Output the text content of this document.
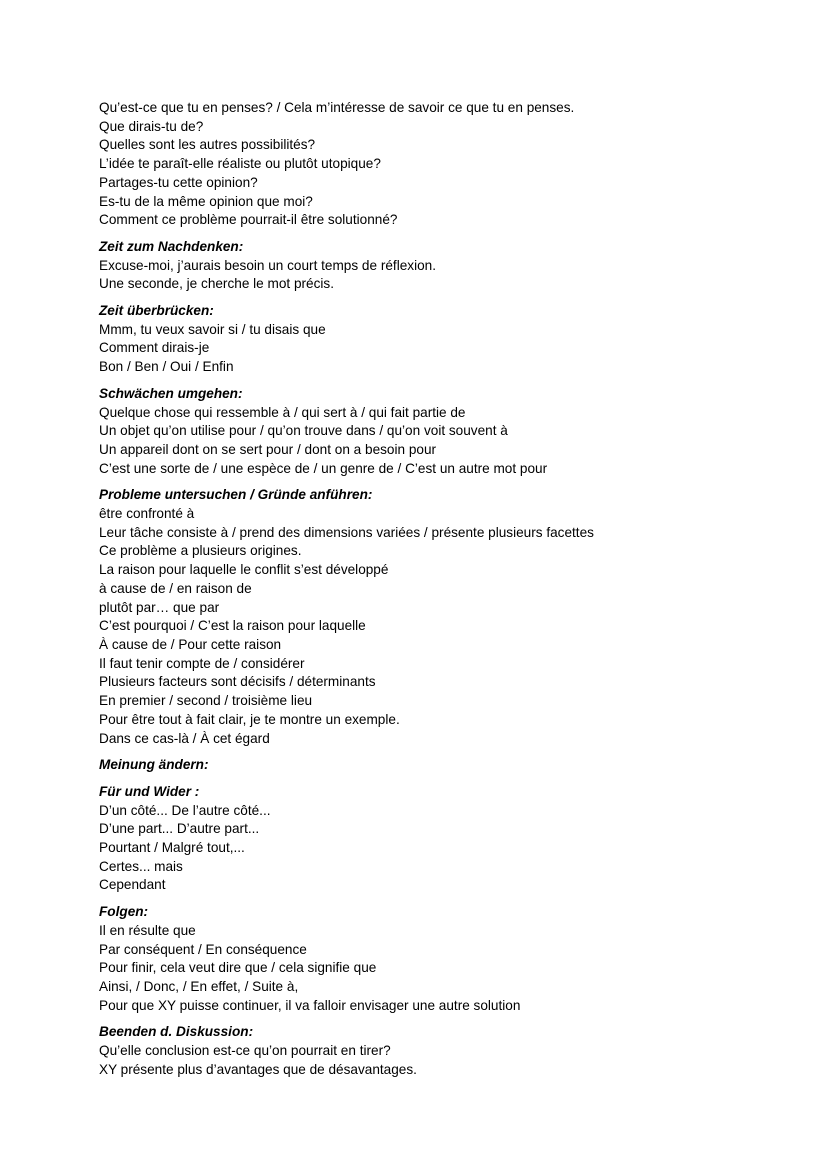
Qu’est-ce que tu en penses? / Cela m’intéresse de savoir ce que tu en penses.
Que dirais-tu de?
Quelles sont les autres possibilités?
L’idée te paraît-elle réaliste ou plutôt utopique?
Partages-tu cette opinion?
Es-tu de la même opinion que moi?
Comment ce problème pourrait-il être solutionné?
Zeit zum Nachdenken:
Excuse-moi, j’aurais besoin un court temps de réflexion.
Une seconde, je cherche le mot précis.
Zeit überbrücken:
Mmm, tu veux savoir si / tu disais que
Comment dirais-je
Bon / Ben / Oui / Enfin
Schwächen umgehen:
Quelque chose qui ressemble à / qui sert à / qui fait partie de
Un objet qu’on utilise pour / qu’on trouve dans / qu’on voit souvent à
Un appareil dont on se sert pour / dont on a besoin pour
C’est une sorte de / une espèce de / un genre de / C’est un autre mot pour
Probleme untersuchen / Gründe anführen:
être confronté à
Leur tâche consiste à / prend des dimensions variées / présente plusieurs facettes
Ce problème a plusieurs origines.
La raison pour laquelle le conflit s’est développé
à cause de / en raison de
plutôt par… que par
C’est pourquoi / C’est la raison pour laquelle
À cause de / Pour cette raison
Il faut tenir compte de / considérer
Plusieurs facteurs sont décisifs / déterminants
En premier / second / troisième lieu
Pour être tout à fait clair, je te montre un exemple.
Dans ce cas-là / À cet égard
Meinung ändern:
Für und Wider :
D’un côté... De l’autre côté...
D’une part... D’autre part...
Pourtant / Malgré tout,...
Certes... mais
Cependant
Folgen:
Il en résulte que
Par conséquent / En conséquence
Pour finir, cela veut dire que / cela signifie que
Ainsi, / Donc, / En effet, / Suite à,
Pour que XY puisse continuer, il va falloir envisager une autre solution
Beenden d. Diskussion:
Qu’elle conclusion est-ce qu’on pourrait en tirer?
XY présente plus d’avantages que de désavantages.
